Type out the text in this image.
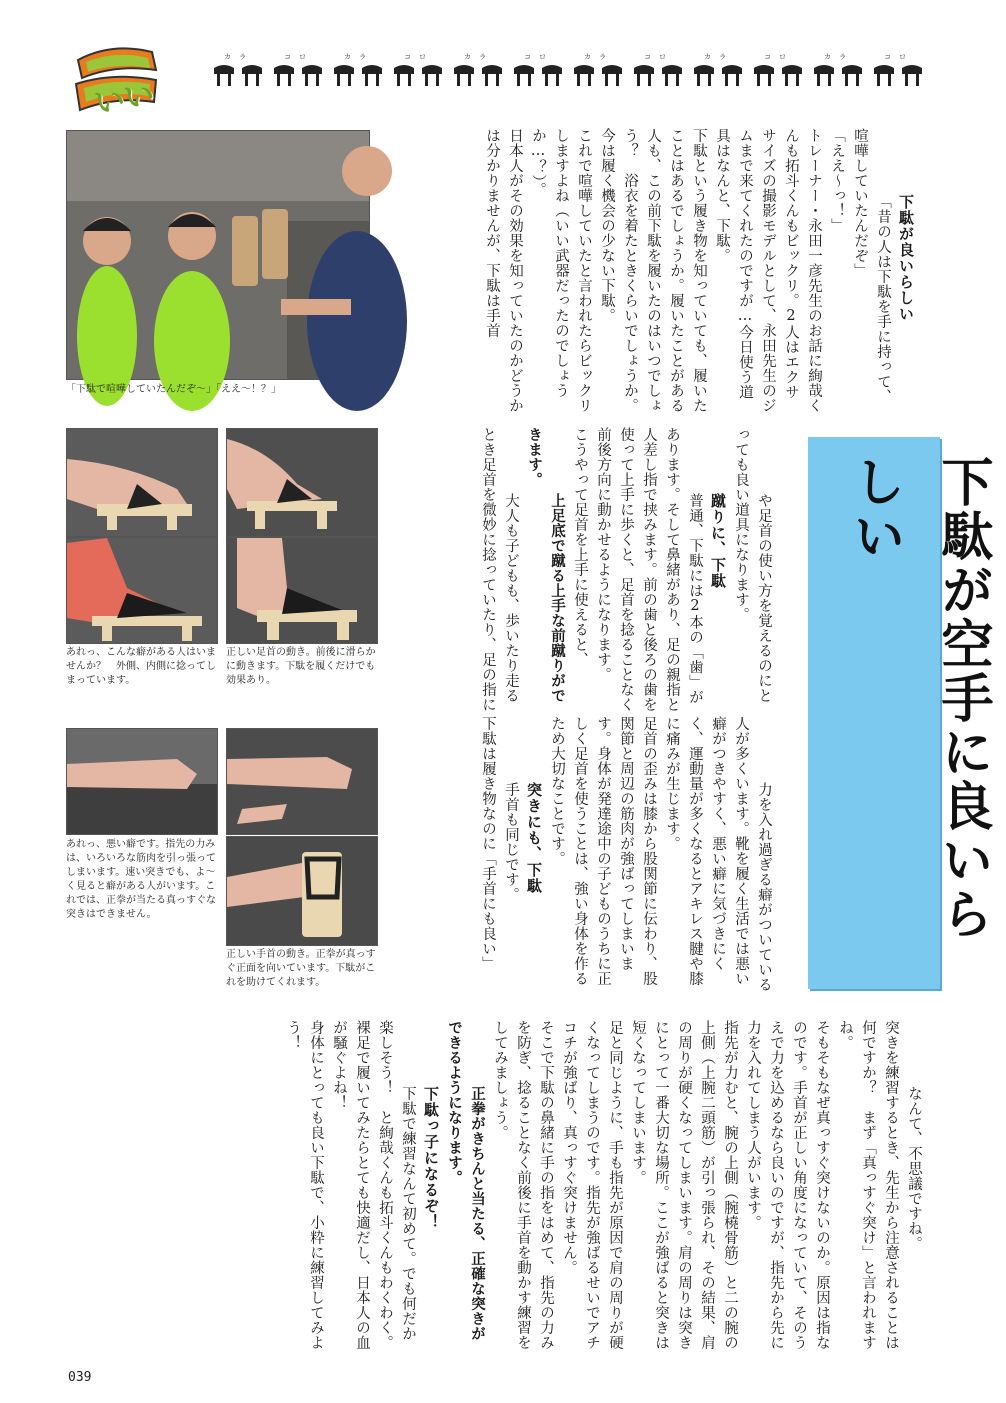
いい
カラ	コロ	カラ	コロ	カラ	コロ	カラ	コロ	カラ	コロ	カラ	コロ
「下駄で喧嘩していたんだぞ〜」「ええ〜！？」
あれっ、こんな癖がある人はいませんか？　外側、内側に捻ってしまっています。
正しい足首の動き。前後に滑らかに動きます。下駄を履くだけでも効果あり。
あれっ、悪い癖です。指先の力みは、いろいろな筋肉を引っ張ってしまいます。速い突きでも、よ〜く見ると癖がある人がいます。これでは、正拳が当たる真っすぐな突きはできません。
正しい手首の動き。正拳が真っすぐ正面を向いています。下駄がこれを助けてくれます。
下駄が空手に良いらしい

下駄が良いらしい
「昔の人は下駄を手に持って、喧嘩していたんだぞ」
「ええ〜っ！」
トレーナー・永田一彦先生のお話に絢哉くんも拓斗くんもビックリ。2人はエクササイズの撮影モデルとして、永田先生のジムまで来てくれたのですが…今日使う道具はなんと、下駄。
下駄という履き物を知っていても、履いたことはあるでしょうか。履いたことがある人も、この前下駄を履いたのはいつでしょう？　浴衣を着たときくらいでしょうか。
今は履く機会の少ない下駄。
これで喧嘩していたと言われたらビックリしますよね（いい武器だったのでしょうか…？）。
日本人がその効果を知っていたのかどうかは分かりませんが、下駄は手首

や足首の使い方を覚えるのにとっても良い道具になります。
蹴りに、下駄
普通、下駄には2本の「歯」があります。そして鼻緒があり、足の親指と人差し指で挟みます。前の歯と後ろの歯を使って上手に歩くと、足首を捻ることなく前後方向に動かせるようになります。
こうやって足首を上手に使えると、
上足底で蹴る上手な前蹴りができます。
大人も子どもも、歩いたり走るとき足首を微妙に捻っていたり、足の指に

力を入れ過ぎる癖がついている人が多くいます。靴を履く生活では悪い癖がつきやすく、悪い癖に気づきにくく、運動量が多くなるとアキレス腱や膝に痛みが生じます。
足首の歪みは膝から股関節に伝わり、股関節と周辺の筋肉が強ばってしまいます。身体が発達途中の子どものうちに正しく足首を使うことは、強い身体を作るため大切なことです。
突きにも、下駄
手首も同じです。
下駄は履き物なのに「手首にも良い」

なんて、不思議ですね。
突きを練習するとき、先生から注意されることは何ですか？　まず「真っすぐ突け」と言われますね。
そもそもなぜ真っすぐ突けないのか。原因は指なのです。手首が正しい角度になっていて、そのうえで力を込めるなら良いのですが、指先から先に力を入れてしまう人がいます。
指先が力むと、腕の上側（腕橈骨筋）と二の腕の上側（上腕二頭筋）が引っ張られ、その結果、肩の周りが硬くなってしまいます。肩の周りは突きにとって一番大切な場所。ここが強ばると突きは短くなってしまいます。
足と同じように、手も指先が原因で肩の周りが硬くなってしまうのです。指先が強ばるせいでアチコチが強ばり、真っすぐ突けません。
そこで下駄の鼻緒に手の指をはめて、指先の力みを防ぎ、捻ることなく前後に手首を動かす練習をしてみましょう。
正拳がきちんと当たる、正確な突きができるようになります。
下駄っ子になるぞ！
下駄で練習なんて初めて。でも何だか楽しそう！　と絢哉くんも拓斗くんもわくわく。裸足で履いてみたらとても快適だし、日本人の血が騒ぐよね！
身体にとっても良い下駄で、小粋に練習してみよう！

039
